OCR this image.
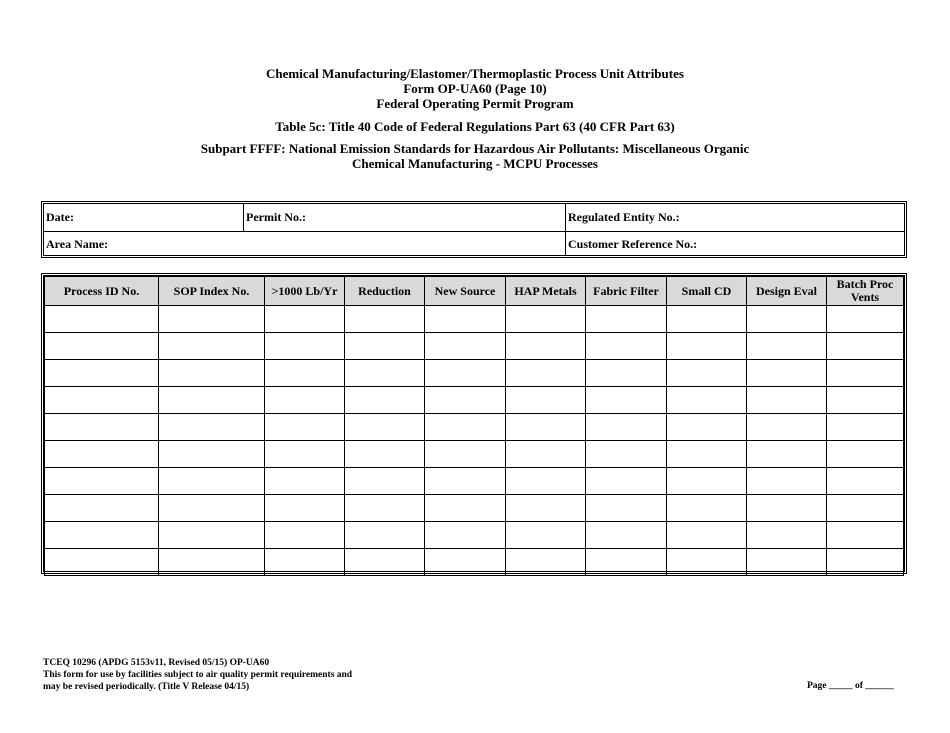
Chemical Manufacturing/Elastomer/Thermoplastic Process Unit Attributes
Form OP-UA60 (Page 10)
Federal Operating Permit Program
Table 5c: Title 40 Code of Federal Regulations Part 63 (40 CFR Part 63)
Subpart FFFF: National Emission Standards for Hazardous Air Pollutants: Miscellaneous Organic
Chemical Manufacturing - MCPU Processes
Date:	Permit No.:	Regulated Entity No.:
Area Name:	Customer Reference No.:
Process ID No.	SOP Index No.	>1000 Lb/Yr	Reduction	New Source	HAP Metals	Fabric Filter	Small CD	Design Eval	Batch Proc Vents

TCEQ 10296 (APDG 5153v11, Revised 05/15) OP-UA60
This form for use by facilities subject to air quality permit requirements and
may be revised periodically. (Title V Release 04/15)	Page _____ of ______
